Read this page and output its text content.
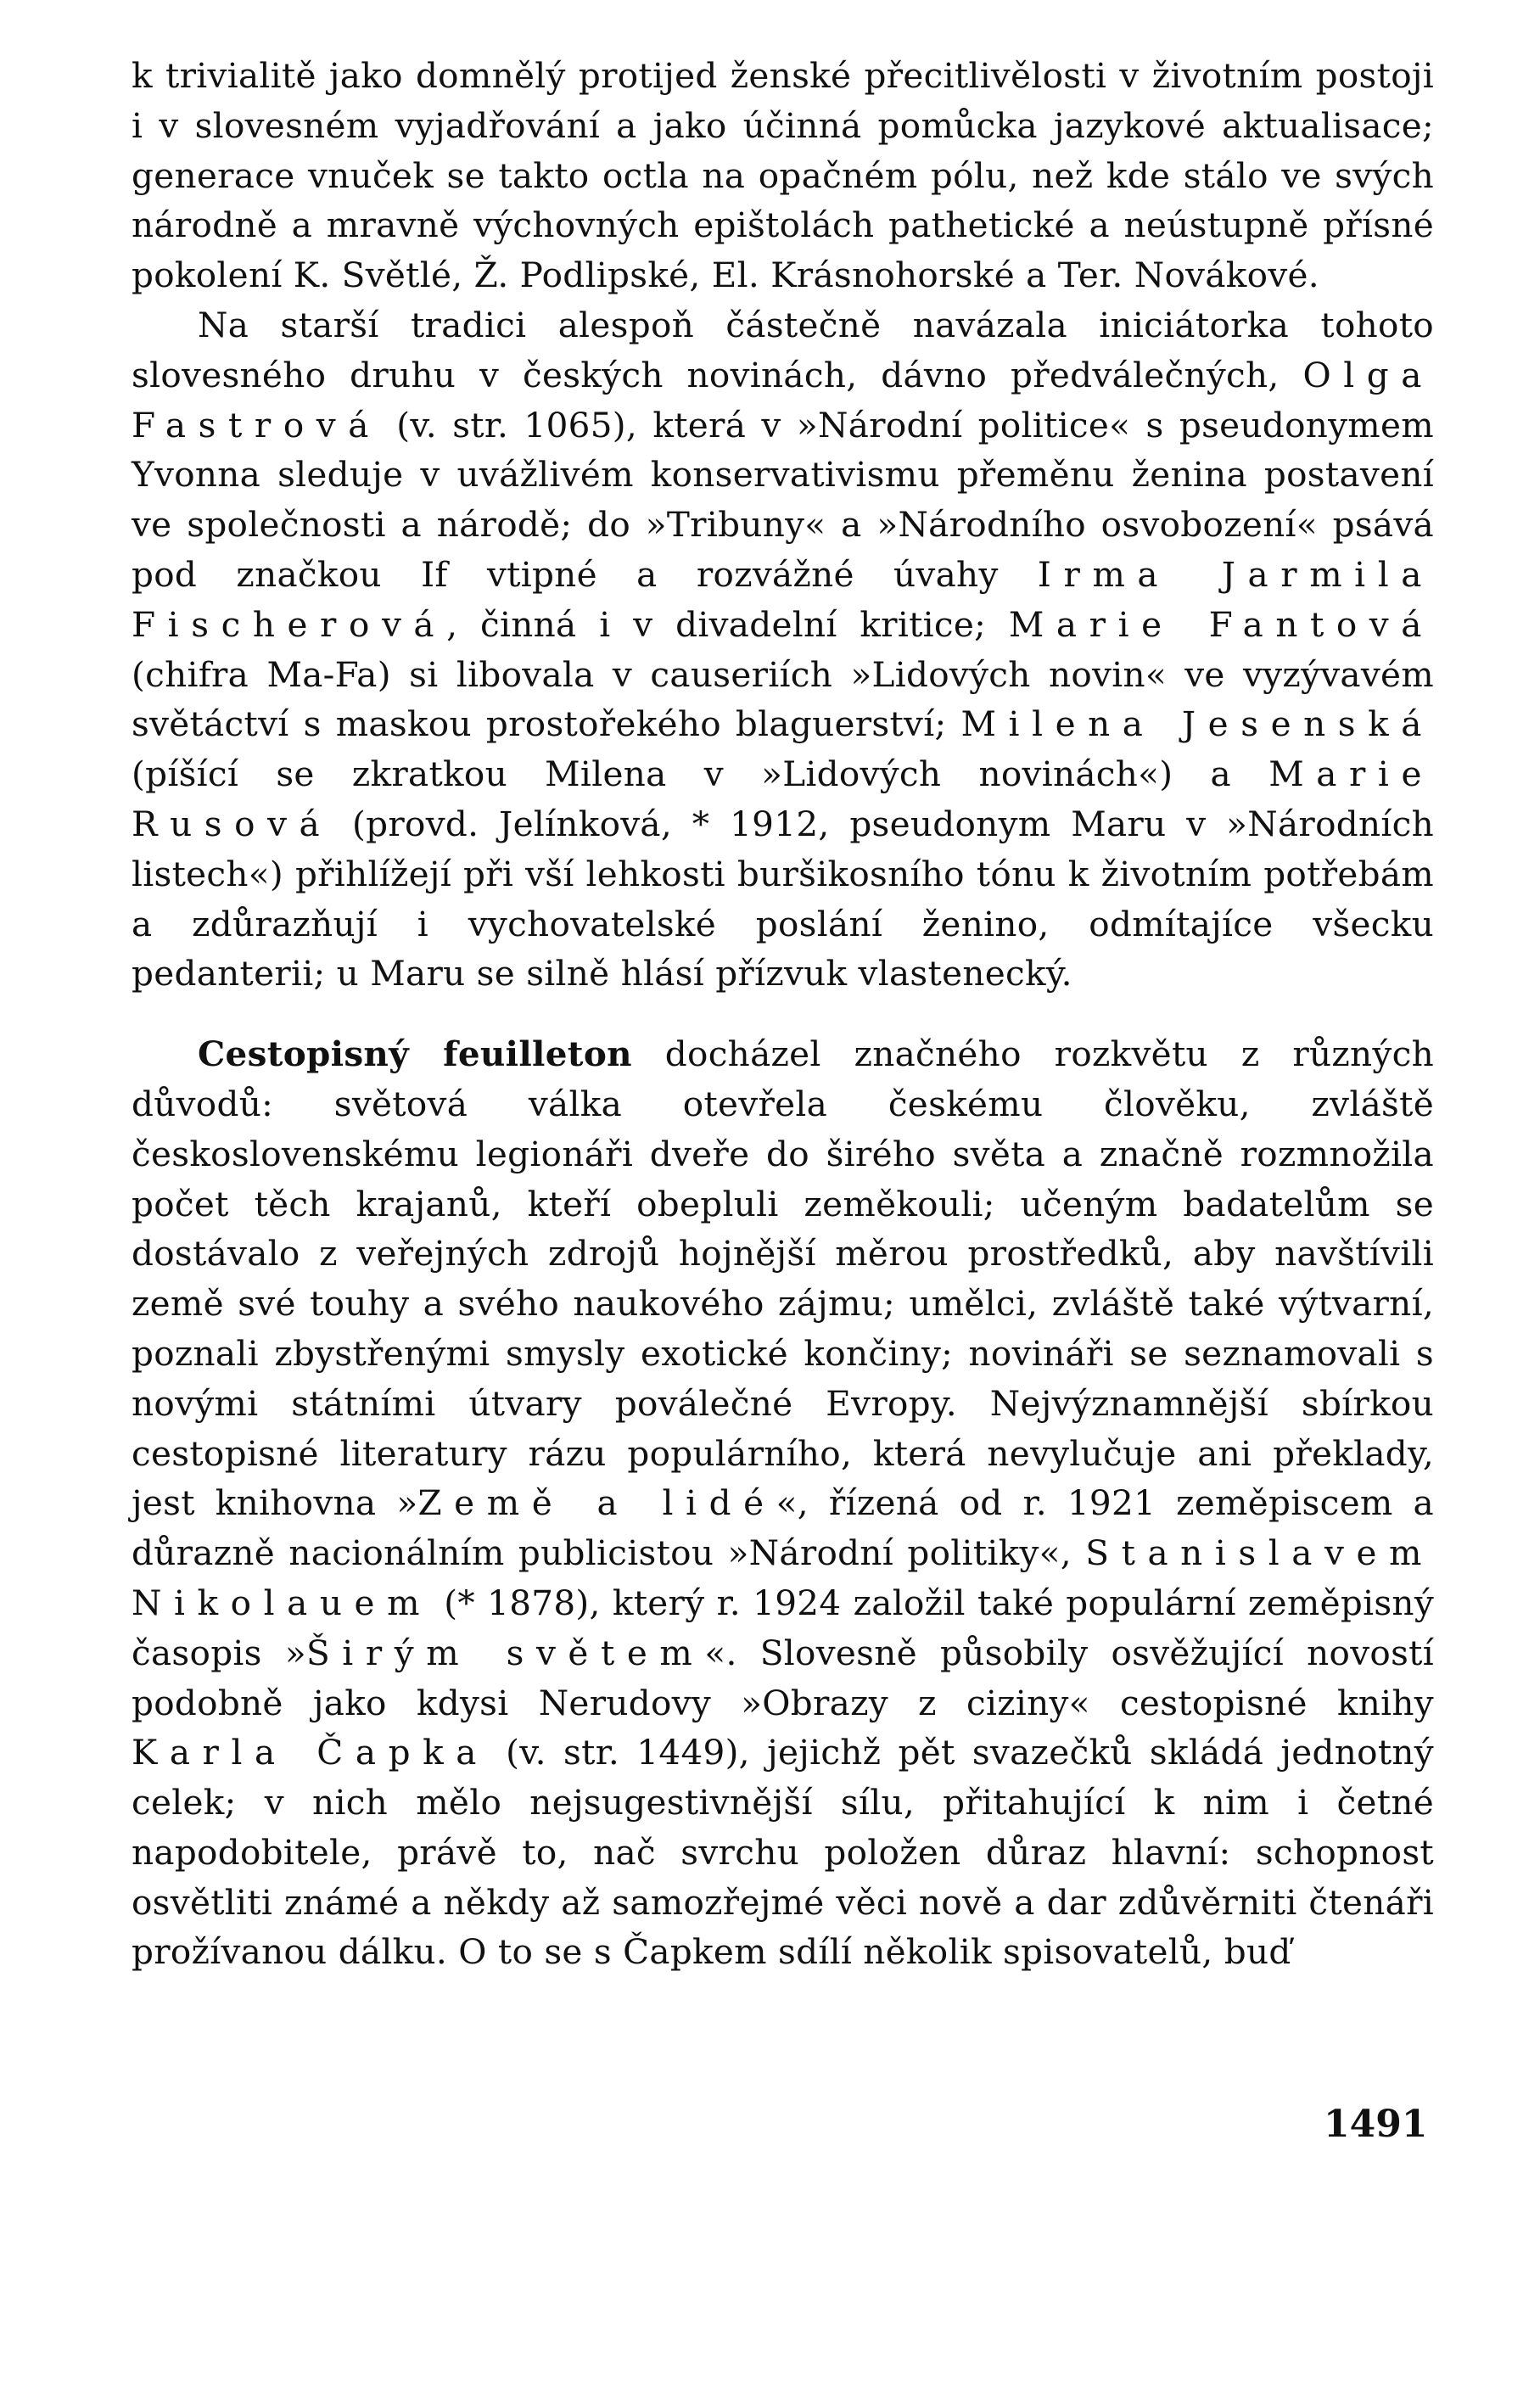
k trivialitě jako domnělý protijed ženské přecitlivělosti v životním postoji i v slovesném vyjadřování a jako účinná pomůcka jazykové aktualisace; generace vnuček se takto octla na opačném pólu, než kde stálo ve svých národně a mravně výchovných epištolách pathetické a neústupně přísné pokolení K. Světlé, Ž. Podlipské, El. Krásnohorské a Ter. Novákové.

Na starší tradici alespoň částečně navázala iniciátorka tohoto slovesného druhu v českých novinách, dávno předválečných, Olga Fastrová (v. str. 1065), která v »Národní politice« s pseudonymem Yvonna sleduje v uvážlivém konservativismu přeměnu ženina postavení ve společnosti a národě; do »Tribuny« a »Národního osvobození« psává pod značkou If vtipné a rozvážné úvahy Irma Jarmila Fischerová, činná i v divadelní kritice; Marie Fantová (chifra Ma-Fa) si libovala v causeriích »Lidových novin« ve vyzývavém světáctví s maskou prostořekého blaguerství; Milena Jesenská (píšící se zkratkou Milena v »Lidových novinách«) a Marie Rusová (provd. Jelínková, * 1912, pseudonym Maru v »Národních listech«) přihlížejí při vší lehkosti buršikosního tónu k životním potřebám a zdůrazňují i vychovatelské poslání ženino, odmítajíce všecku pedanterii; u Maru se silně hlásí přízvuk vlastenecký.

Cestopisný feuilleton docházel značného rozkvětu z různých důvodů: světová válka otevřela českému člověku, zvláště československému legionáři dveře do širého světa a značně rozmnožila počet těch krajanů, kteří obepluli zeměkouli; učeným badatelům se dostávalo z veřejných zdrojů hojnější měrou prostředků, aby navštívili země své touhy a svého naukového zájmu; umělci, zvláště také výtvarní, poznali zbystřenými smysly exotické končiny; novináři se seznamovali s novými státními útvary poválečné Evropy. Nejvýznamnější sbírkou cestopisné literatury rázu populárního, která nevylučuje ani překlady, jest knihovna »Země a lidé«, řízená od r. 1921 zeměpiscem a důrazně nacionálním publicistou »Národní politiky«, Stanislavem Nikolauem (* 1878), který r. 1924 založil také populární zeměpisný časopis »Širým světem«. Slovesně působily osvěžující novostí podobně jako kdysi Nerudovy »Obrazy z ciziny« cestopisné knihy Karla Čapka (v. str. 1449), jejichž pět svazečků skládá jednotný celek; v nich mělo nejsugestivnější sílu, přitahující k nim i četné napodobitele, právě to, nač svrchu položen důraz hlavní: schopnost osvětliti známé a někdy až samozřejmé věci nově a dar zdůvěrniti čtenáři prožívanou dálku. O to se s Čapkem sdílí několik spisovatelů, buď

1491
